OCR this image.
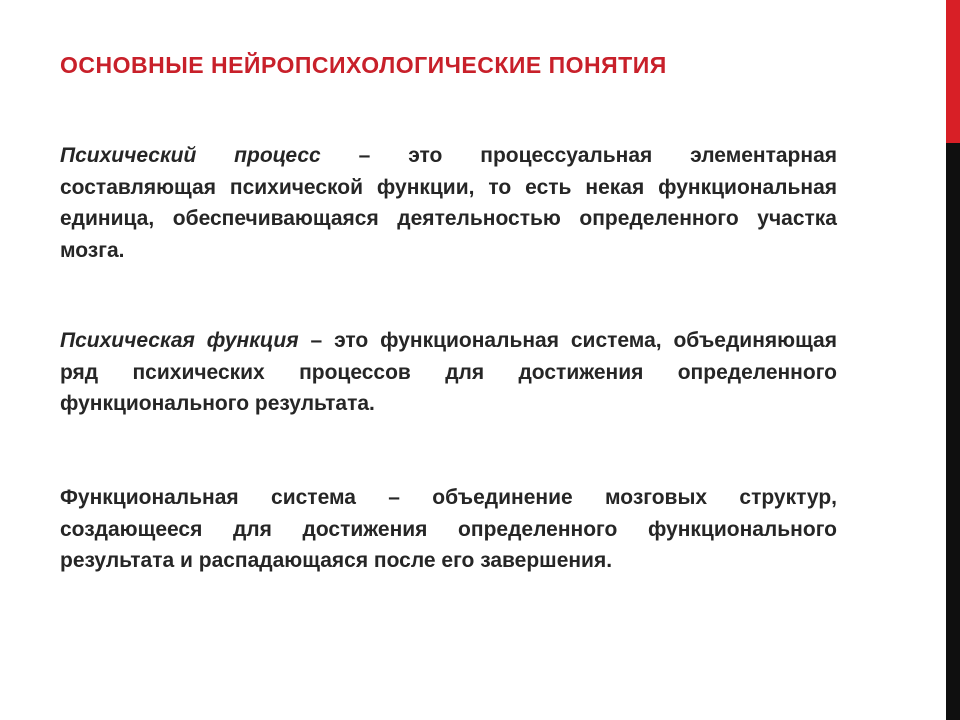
ОСНОВНЫЕ НЕЙРОПСИХОЛОГИЧЕСКИЕ ПОНЯТИЯ

Психический процесс – это процессуальная элементарная составляющая психической функции, то есть некая функциональная единица, обеспечивающаяся деятельностью определенного участка мозга.

Психическая функция – это функциональная система, объединяющая ряд психических процессов для достижения определенного функционального результата.

Функциональная система – объединение мозговых структур, создающееся для достижения определенного функционального результата и распадающаяся после его завершения.
